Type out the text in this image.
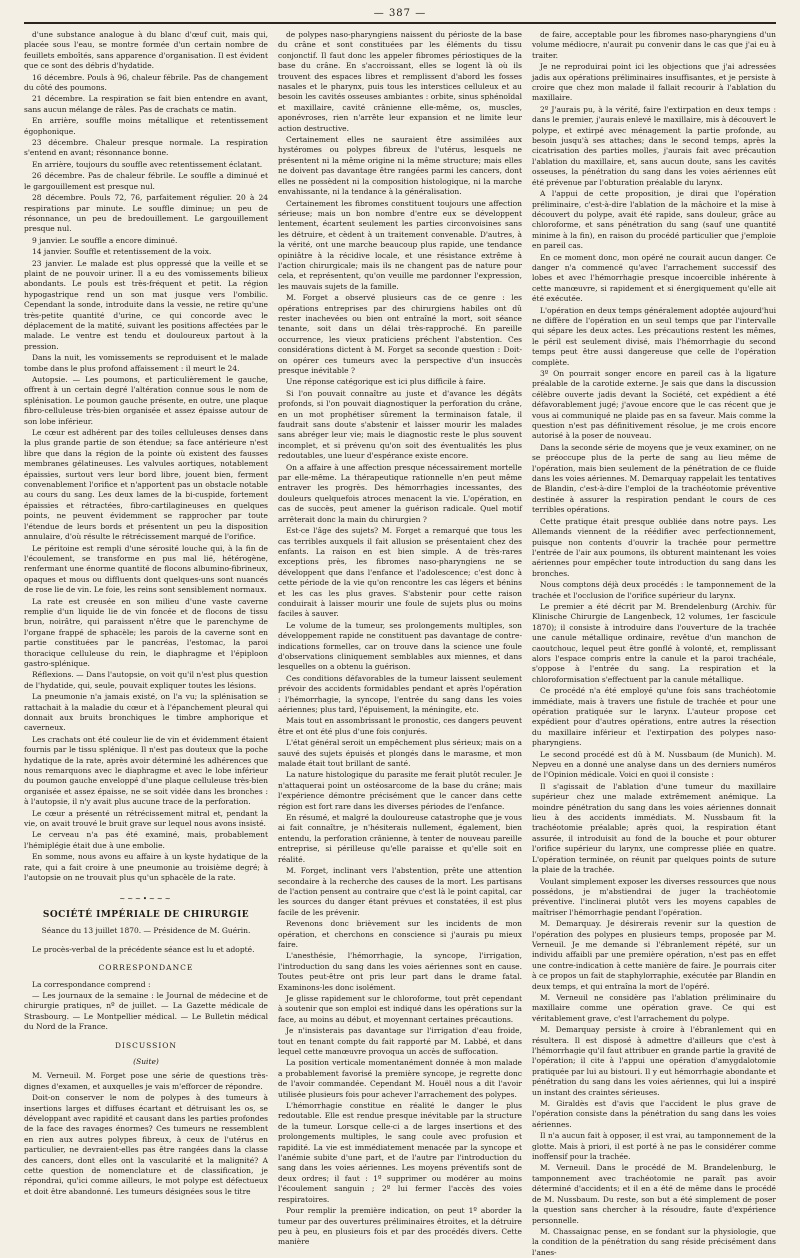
— 387 —

d'une substance analogue à du blanc d'œuf cuit, mais qui, placée sous l'eau, se montre formée d'un certain nombre de feuillets emboîtés, sans apparence d'organisation. Il est évident que ce sont des débris d'hydatide.

16 décembre. Pouls à 96, chaleur fébrile. Pas de changement du côté des poumons.

21 décembre. La respiration se fait bien entendre en avant, sans aucun mélange de râles. Pas de crachats ce matin.

En arrière, souffle moins métallique et retentissement égophonique.

23 décembre. Chaleur presque normale. La respiration s'entend en avant; résonnance bonne.

En arrière, toujours du souffle avec retentissement éclatant.

26 décembre. Pas de chaleur fébrile. Le souffle a diminué et le gargouillement est presque nul.

28 décembre. Pouls 72, 76, parfaitement régulier. 20 à 24 respirations par minute. Le souffle diminue; un peu de résonnance, un peu de bredouillement. Le gargouillement presque nul.

9 janvier. Le souffle a encore diminué.

14 janvier. Souffle et retentissement de la voix.

23 janvier. Le malade est plus oppressé que la veille et se plaint de ne pouvoir uriner. Il a eu des vomissements bilieux abondants. Le pouls est très-fréquent et petit. La région hypogastrique rend un son mat jusque vers l'ombilic. Cependant la sonde, introduite dans la vessie, ne retire qu'une très-petite quantité d'urine, ce qui concorde avec le déplacement de la matité, suivant les positions affectées par le malade. Le ventre est tendu et douloureux partout à la pression.

Dans la nuit, les vomissements se reproduisent et le malade tombe dans le plus profond affaissement : il meurt le 24.

Autopsie. — Les poumons, et particulièrement le gauche, offrent à un certain degré l'altération connue sous le nom de splénisation. Le poumon gauche présente, en outre, une plaque fibro-celluleuse très-bien organisée et assez épaisse autour de son lobe inférieur.

Le cœur est adhérent par des toiles celluleuses denses dans la plus grande partie de son étendue; sa face antérieure n'est libre que dans la région de la pointe où existent des fausses membranes gélatineuses. Les valvules aortiques, notablement épaissies, surtout vers leur bord libre, jouent bien, ferment convenablement l'orifice et n'apportent pas un obstacle notable au cours du sang. Les deux lames de la bi-cuspide, fortement épaissies et rétractées, fibro-cartilagineuses en quelques points, ne peuvent évidemment se rapprocher par toute l'étendue de leurs bords et présentent un peu la disposition annulaire, d'où résulte le rétrécissement marqué de l'orifice.

Le péritoine est rempli d'une sérosité louche qui, à la fin de l'écoulement, se transforme en pus mal lié, hétérogène, renfermant une énorme quantité de flocons albumino-fibrineux, opaques et mous ou diffluents dont quelques-uns sont nuancés de rose lie de vin. Le foie, les reins sont sensiblement normaux.

La rate est creusée en son milieu d'une vaste caverne remplie d'un liquide lie de vin foncée et de flocons de tissu brun, noirâtre, qui paraissent n'être que le parenchyme de l'organe frappé de sphacèle; les parois de la caverne sont en partie constituées par le pancréas, l'estomac, la paroi thoracique celluleuse du rein, le diaphragme et l'épiploon gastro-splénique.

Réflexions. — Dans l'autopsie, on voit qu'il n'est plus question de l'hydatide, qui, seule, pouvait expliquer toutes les lésions.

La pneumonie n'a jamais existé, on l'a vu; la splénisation se rattachait à la maladie du cœur et à l'épanchement pleural qui donnait aux bruits bronchiques le timbre amphorique et caverneux.

Les crachats ont été couleur lie de vin et évidemment étaient fournis par le tissu splénique. Il n'est pas douteux que la poche hydatique de la rate, après avoir déterminé les adhérences que nous remarquons avec le diaphragme et avec le lobe inférieur du poumon gauche enveloppé d'une plaque celluleuse très-bien organisée et assez épaisse, ne se soit vidée dans les bronches : à l'autopsie, il n'y avait plus aucune trace de la perforation.

Le cœur a présenté un rétrécissement mitral et, pendant la vie, on avait trouvé le bruit grave sur lequel nous avons insisté.

Le cerveau n'a pas été examiné, mais, probablement l'hémiplégie était due à une embolie.

En somme, nous avons eu affaire à un kyste hydatique de la rate, qui a fait croire à une pneumonie au troisième degré; à l'autopsie on ne trouvait plus qu'un sphacèle de la rate.

~~~•~~~

SOCIÉTÉ IMPÉRIALE DE CHIRURGIE

Séance du 13 juillet 1870. — Présidence de M. Guérin.

Le procès-verbal de la précédente séance est lu et adopté.

CORRESPONDANCE

La correspondance comprend :

— Les journaux de la semaine : le Journal de médecine et de chirurgie pratiques, nº de juillet. — La Gazette médicale de Strasbourg. — Le Montpellier médical. — Le Bulletin médical du Nord de la France.

DISCUSSION

(Suite)

M. Verneuil. M. Forget pose une série de questions très-dignes d'examen, et auxquelles je vais m'efforcer de répondre.

Doit-on conserver le nom de polypes à des tumeurs à insertions larges et diffuses écartant et détruisant les os, se développant avec rapidité et causant dans les parties profondes de la face des ravages énormes? Ces tumeurs ne ressemblent en rien aux autres polypes fibreux, à ceux de l'utérus en particulier, ne devraient-elles pas être rangées dans la classe des cancers, dont elles ont la vascularité et la malignité? A cette question de nomenclature et de classification, je répondrai, qu'ici comme ailleurs, le mot polype est défectueux et doit être abandonné. Les tumeurs désignées sous le titre

de polypes naso-pharyngiens naissent du périoste de la base du crâne et sont constituées par les éléments du tissu conjonctif. Il faut donc les appeler fibromes périostiques de la base du crâne. En s'accroissant, elles se logent là où ils trouvent des espaces libres et remplissent d'abord les fosses nasales et le pharynx, puis tous les interstices celluleux et au besoin les cavités osseuses ambiantes : orbite, sinus sphénoïdal et maxillaire, cavité crânienne elle-même, os, muscles, aponévroses, rien n'arrête leur expansion et ne limite leur action destructive.

Certainement elles ne sauraient être assimilées aux hystéromes ou polypes fibreux de l'utérus, lesquels ne présentent ni la même origine ni la même structure; mais elles ne doivent pas davantage être rangées parmi les cancers, dont elles ne possèdent ni la composition histologique, ni la marche envahissante, ni la tendance à la généralisation.

Certainement les fibromes constituent toujours une affection sérieuse; mais un bon nombre d'entre eux se développent lentement, écartent seulement les parties circonvoisines sans les détruire, et cèdent à un traitement convenable. D'autres, à la vérité, ont une marche beaucoup plus rapide, une tendance opiniâtre à la récidive locale, et une résistance extrême à l'action chirurgicale; mais ils ne changent pas de nature pour cela, et représentent, qu'on veuille me pardonner l'expression, les mauvais sujets de la famille.

M. Forget a observé plusieurs cas de ce genre : les opérations entreprises par des chirurgiens habiles ont dû rester inachevées ou bien ont entraîné la mort, soit séance tenante, soit dans un délai très-rapproché. En pareille occurrence, les vieux praticiens préchent l'abstention. Ces considérations dictent à M. Forget sa seconde question : Doit-on opérer ces tumeurs avec la perspective d'un insuccès presque inévitable ?

Une réponse catégorique est ici plus difficile à faire.

Si l'on pouvait connaître au juste et d'avance les dégâts profonds, si l'on pouvait diagnostiquer la perforation du crâne, en un mot prophétiser sûrement la terminaison fatale, il faudrait sans doute s'abstenir et laisser mourir les malades sans abréger leur vie; mais le diagnostic reste le plus souvent incomplet, et si prévenu qu'on soit des éventualités les plus redoutables, une lueur d'espérance existe encore.

On a affaire à une affection presque nécessairement mortelle par elle-même. La thérapeutique rationnelle n'en peut même entraver les progrès. Des hémorrhagies incessantes, des douleurs quelquefois atroces menacent la vie. L'opération, en cas de succès, peut amener la guérison radicale. Quel motif arrêterait donc la main du chirurgien ?

Est-ce l'âge des sujets? M. Forget a remarqué que tous les cas terribles auxquels il fait allusion se présentaient chez des enfants. La raison en est bien simple. A de très-rares exceptions près, les fibromes naso-pharyngiens ne se développent que dans l'enfance et l'adolescence; c'est donc à cette période de la vie qu'on rencontre les cas légers et bénins et les cas les plus graves. S'abstenir pour cette raison conduirait à laisser mourir une foule de sujets plus ou moins faciles à sauver.

Le volume de la tumeur, ses prolongements multiples, son développement rapide ne constituent pas davantage de contre-indications formelles, car on trouve dans la science une foule d'observations cliniquement semblables aux miennes, et dans lesquelles on a obtenu la guérison.

Ces conditions défavorables de la tumeur laissent seulement prévoir des accidents formidables pendant et après l'opération : l'hémorrhagie, la syncope, l'entrée du sang dans les voies aériennes; plus tard, l'épuisement, la méningite, etc.

Mais tout en assombrissant le pronostic, ces dangers peuvent être et ont été plus d'une fois conjurés.

L'état général seroit un empêchement plus sérieux; mais on a sauvé des sujets épuisés et plongés dans le marasme, et mon malade était tout brillant de santé.

La nature histologique du parasite me ferait plutôt reculer. Je n'attaquerai point un ostéosarcome de la base du crâne; mais l'expérience démontre précisément que le cancer dans cette région est fort rare dans les diverses périodes de l'enfance.

En résumé, et malgré la douloureuse catastrophe que je vous ai fait connaître, je n'hésiterais nullement, également, bien entendu, la perforation crânienne, à tenter de nouveau pareille entreprise, si périlleuse qu'elle paraisse et qu'elle soit en réalité.

M. Forget, inclinant vers l'abstention, prête une attention secondaire à la recherche des causes de la mort. Les partisans de l'action pensent au contraire que c'est là le point capital, car les sources du danger étant prévues et constatées, il est plus facile de les prévenir.

Revenons donc brièvement sur les incidents de mon opération, et cherchons en conscience si j'aurais pu mieux faire.

L'anesthésie, l'hémorrhagie, la syncope, l'irrigation, l'introduction du sang dans les voies aériennes sont en cause. Toutes peut-être ont pris leur part dans le drame fatal. Examinons-les donc isolément.

Je glisse rapidement sur le chloroforme, tout prêt cependant à soutenir que son emploi est indiqué dans les opérations sur la face, au moins au début, et moyennant certaines précautions.

Je n'insisterais pas davantage sur l'irrigation d'eau froide, tout en tenant compte du fait rapporté par M. Labbé, et dans lequel cette manœuvre provoqua un accès de suffocation.

La position verticale momentanément donnée à mon malade a probablement favorisé la première syncope, je regrette donc de l'avoir commandée. Cependant M. Houël nous a dit l'avoir utilisée plusieurs fois pour achever l'arrachement des polypes.

L'hémorrhagie constitue en réalité le danger le plus redoutable. Elle est rendue presque inévitable par la structure de la tumeur. Lorsque celle-ci a de larges insertions et des prolongements multiples, le sang coule avec profusion et rapidité. La vie est immédiatement menacée par la syncope et l'anémie subite d'une part, et de l'autre par l'introduction du sang dans les voies aériennes. Les moyens préventifs sont de deux ordres; il faut : 1º supprimer ou modérer au moins l'écoulement sanguin ; 2º lui fermer l'accès des voies respiratoires.

Pour remplir la première indication, on peut 1º aborder la tumeur par des ouvertures préliminaires étroites, et la détruire peu à peu, en plusieurs fois et par des procédés divers. Cette manière

de faire, acceptable pour les fibromes naso-pharyngiens d'un volume médiocre, n'aurait pu convenir dans le cas que j'ai eu à traiter.

Je ne reproduirai point ici les objections que j'ai adressées jadis aux opérations préliminaires insuffisantes, et je persiste à croire que chez mon malade il fallait recourir à l'ablation du maxillaire.

2º J'aurais pu, à la vérité, faire l'extirpation en deux temps : dans le premier, j'aurais enlevé le maxillaire, mis à découvert le polype, et extirpé avec ménagement la partie profonde, au besoin jusqu'à ses attaches; dans le second temps, après la cicatrisation des parties molles, j'aurais fait avec précaution l'ablation du maxillaire, et, sans aucun doute, sans les cavités osseuses, la pénétration du sang dans les voies aériennes eût été prévenue par l'obturation préalable du larynx.

A l'appui de cette proposition, je dirai que l'opération préliminaire, c'est-à-dire l'ablation de la mâchoire et la mise à découvert du polype, avait été rapide, sans douleur, grâce au chloroforme, et sans pénétration du sang (sauf une quantité minime à la fin), en raison du procédé particulier que j'emploie en pareil cas.

En ce moment donc, mon opéré ne courait aucun danger. Ce danger n'a commencé qu'avec l'arrachement successif des lobes et avec l'hémorrhagie presque incoercible inhérente à cette manœuvre, si rapidement et si énergiquement qu'elle ait été exécutée.

L'opération en deux temps généralement adoptée aujourd'hui ne diffère de l'opération en un seul temps que par l'intervalle qui sépare les deux actes. Les précautions restent les mêmes, le péril est seulement divisé, mais l'hémorrhagie du second temps peut être aussi dangereuse que celle de l'opération complète.

3º On pourrait songer encore en pareil cas à la ligature préalable de la carotide externe. Je sais que dans la discussion célèbre ouverte jadis devant la Société, cet expédient a été défavorablement jugé; j'avoue encore que le cas récent que je vous ai communiqué ne plaide pas en sa faveur. Mais comme la question n'est pas définitivement résolue, je me crois encore autorisé à la poser de nouveau.

Dans la seconde série de moyens que je veux examiner, on ne se préoccupe plus de la perte de sang au lieu même de l'opération, mais bien seulement de la pénétration de ce fluide dans les voies aériennes. M. Demarquay rappelait les tentatives de Blandin, c'est-à-dire l'emploi de la trachéotomie préventive destinée à assurer la respiration pendant le cours de ces terribles opérations.

Cette pratique était presque oubliée dans notre pays. Les Allemands viennent de la réédifier avec perfectionnement, puisque non contents d'ouvrir la trachée pour permettre l'entrée de l'air aux poumons, ils obturent maintenant les voies aériennes pour empêcher toute introduction du sang dans les bronches.

Nous comptons déjà deux procédés : le tamponnement de la trachée et l'occlusion de l'orifice supérieur du larynx.

Le premier a été décrit par M. Brendelenburg (Archiv. für Klinische Chirurgie de Langenbeck, 12 volumes, 1er fascicule 1870); il consiste à introduire dans l'ouverture de la trachée une canule métallique ordinaire, revêtue d'un manchon de caoutchouc, lequel peut être gonflé à volonté, et, remplissant alors l'espace compris entre la canule et la paroi trachéale, s'oppose à l'entrée du sang. La respiration et la chloroformisation s'effectuent par la canule métallique.

Ce procédé n'a été employé qu'une fois sans trachéotomie immédiate, mais à travers une fistule de trachée et pour une opération pratiquée sur le larynx. L'auteur propose cet expédient pour d'autres opérations, entre autres la résection du maxillaire inférieur et l'extirpation des polypes naso-pharyngiens.

Le second procédé est dû à M. Nussbaum (de Munich). M. Nepveu en a donné une analyse dans un des derniers numéros de l'Opinion médicale. Voici en quoi il consiste :

Il s'agissait de l'ablation d'une tumeur du maxillaire supérieur chez une malade extrêmement anémique. La moindre pénétration du sang dans les voies aériennes donnait lieu à des accidents immédiats. M. Nussbaum fit la trachéotomie préalable; après quoi, la respiration étant assurée, il introduisit au fond de la bouche et pour obturer l'orifice supérieur du larynx, une compresse pliée en quatre. L'opération terminée, on réunit par quelques points de suture la plaie de la trachée.

Voulant simplement exposer les diverses ressources que nous possédons, je m'abstiendrai de juger la trachéotomie préventive. l'inclinerai plutôt vers les moyens capables de maîtriser l'hémorrhagie pendant l'opération.

M. Demarquay. Je désirerais revenir sur la question de l'opération des polypes en plusieurs temps, proposée par M. Verneuil. Je me demande si l'ébranlement répété, sur un individu affaibli par une première opération, n'est pas en effet une contre-indication à cette manière de faire. Je pourrais citer à ce propos un fait de staphylorraphie, exécutée par Blandin en deux temps, et qui entraîna la mort de l'opéré.

M. Verneuil ne considère pas l'ablation préliminaire du maxillaire comme une opération grave. Ce qui est véritablement grave, c'est l'arrachement du polype.

M. Demarquay persiste à croire à l'ébranlement qui en résultera. Il est disposé à admettre d'ailleurs que c'est à l'hémorrhagie qu'il faut attribuer en grande partie la gravité de l'opération; il cite à l'appui une opération d'amygdalotomie pratiquée par lui au bistouri. Il y eut hémorrhagie abondante et pénétration du sang dans les voies aériennes, qui lui a inspiré un instant des craintes sérieuses.

M. Giraldès est d'avis que l'accident le plus grave de l'opération consiste dans la pénétration du sang dans les voies aériennes.

Il n'a aucun fait à opposer, il est vrai, au tamponnement de la glotte. Mais à priori, il est porté à ne pas le considérer comme inoffensif pour la trachée.

M. Verneuil. Dans le procédé de M. Brandelenburg, le tamponnement avec trachéotomie ne paraît pas avoir déterminé d'accidents; et il en a été de même dans le procédé de M. Nussbaum. Du reste, son but a été simplement de poser la question sans chercher à la résoudre, faute d'expérience personnelle.

M. Chassaignac pense, en se fondant sur la physiologie, que la condition de la pénétration du sang réside précisément dans l'anes-
